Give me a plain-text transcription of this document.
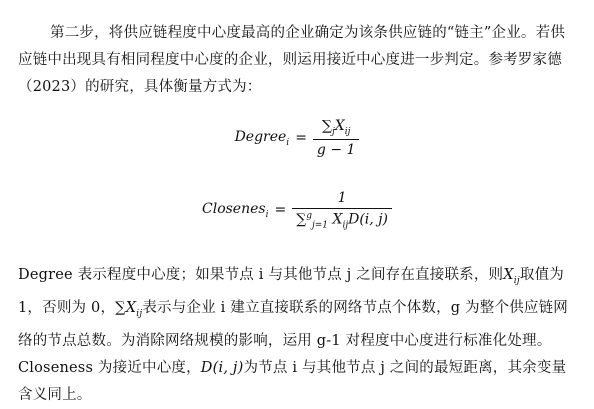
第二步，将供应链程度中心度最高的企业确定为该条供应链的“链主”企业。若供应链中出现具有相同程度中心度的企业，则运用接近中心度进一步判定。参考罗家德（2023）的研究，具体衡量方式为：

Degree$_i$ = $\frac{\sum_jX_{ij}}{g - 1}$
Closenes$_i$ = $\frac{1}{\sum^g_{j=1} X_{ij}D(i, j)}$

Degree 表示程度中心度；如果节点 i 与其他节点 j 之间存在直接联系，则$X_{ij}$取值为 1，否则为 0，$\sum X_{ij}$表示与企业 i 建立直接联系的网络节点个体数，g 为整个供应链网络的节点总数。为消除网络规模的影响，运用 g-1 对程度中心度进行标准化处理。Closeness 为接近中心度，D(i, j)为节点 i 与其他节点 j 之间的最短距离，其余变量含义同上。
